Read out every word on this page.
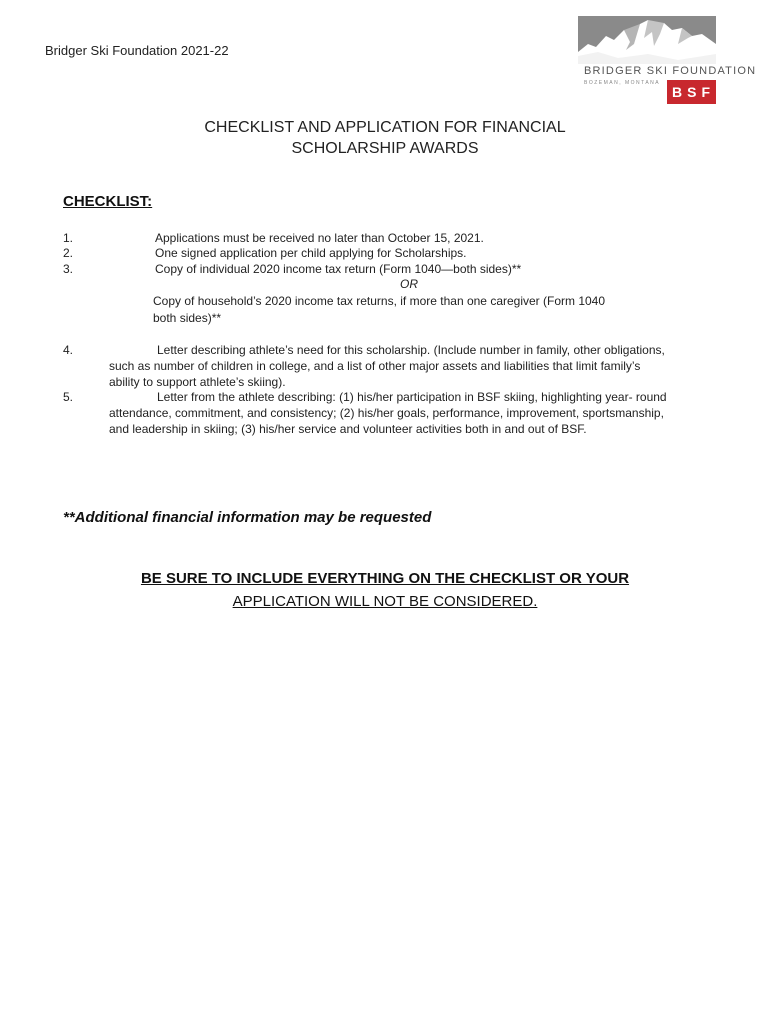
Bridger Ski Foundation 2021-22
BRIDGER SKI FOUNDATION
BOZEMAN, MONTANA
BSF
CHECKLIST AND APPLICATION FOR FINANCIAL
SCHOLARSHIP AWARDS
CHECKLIST:
1.	Applications must be received no later than October 15, 2021.
2.	One signed application per child applying for Scholarships.
3.	Copy of individual 2020 income tax return (Form 1040—both sides)**
OR
Copy of household’s 2020 income tax returns, if more than one caregiver (Form 1040
both sides)**
4.	Letter describing athlete’s need for this scholarship. (Include number in family, other obligations,
such as number of children in college, and a list of other major assets and liabilities that limit family’s
ability to support athlete’s skiing).
5.	Letter from the athlete describing: (1) his/her participation in BSF skiing, highlighting year- round
attendance, commitment, and consistency; (2) his/her goals, performance, improvement, sportsmanship,
and leadership in skiing; (3) his/her service and volunteer activities both in and out of BSF.
**Additional financial information may be requested
BE SURE TO INCLUDE EVERYTHING ON THE CHECKLIST OR YOUR
APPLICATION WILL NOT BE CONSIDERED.
